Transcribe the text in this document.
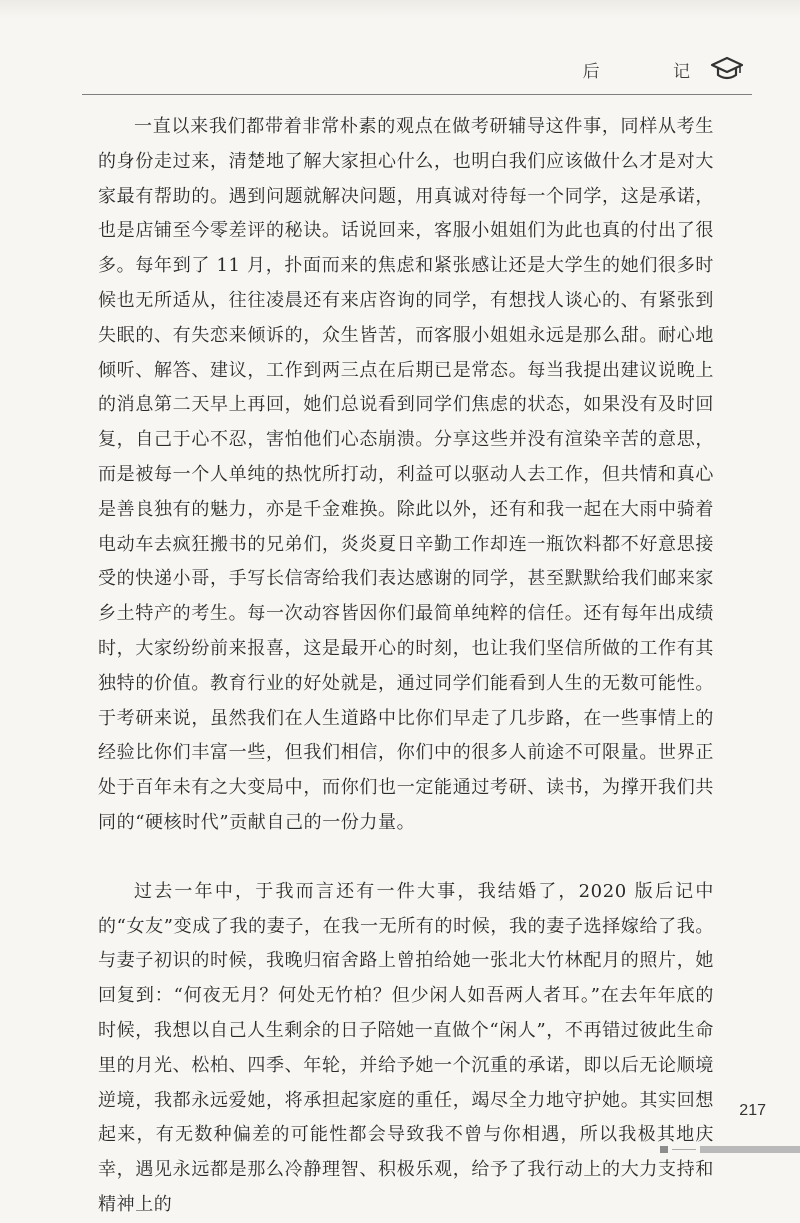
后 记

一直以来我们都带着非常朴素的观点在做考研辅导这件事，同样从考生的身份走过来，清楚地了解大家担心什么，也明白我们应该做什么才是对大家最有帮助的。遇到问题就解决问题，用真诚对待每一个同学，这是承诺，也是店铺至今零差评的秘诀。话说回来，客服小姐姐们为此也真的付出了很多。每年到了 11 月，扑面而来的焦虑和紧张感让还是大学生的她们很多时候也无所适从，往往凌晨还有来店咨询的同学，有想找人谈心的、有紧张到失眠的、有失恋来倾诉的，众生皆苦，而客服小姐姐永远是那么甜。耐心地倾听、解答、建议，工作到两三点在后期已是常态。每当我提出建议说晚上的消息第二天早上再回，她们总说看到同学们焦虑的状态，如果没有及时回复，自己于心不忍，害怕他们心态崩溃。分享这些并没有渲染辛苦的意思，而是被每一个人单纯的热忱所打动，利益可以驱动人去工作，但共情和真心是善良独有的魅力，亦是千金难换。除此以外，还有和我一起在大雨中骑着电动车去疯狂搬书的兄弟们，炎炎夏日辛勤工作却连一瓶饮料都不好意思接受的快递小哥，手写长信寄给我们表达感谢的同学，甚至默默给我们邮来家乡土特产的考生。每一次动容皆因你们最简单纯粹的信任。还有每年出成绩时，大家纷纷前来报喜，这是最开心的时刻，也让我们坚信所做的工作有其独特的价值。教育行业的好处就是，通过同学们能看到人生的无数可能性。于考研来说，虽然我们在人生道路中比你们早走了几步路，在一些事情上的经验比你们丰富一些，但我们相信，你们中的很多人前途不可限量。世界正处于百年未有之大变局中，而你们也一定能通过考研、读书，为撑开我们共同的“硬核时代”贡献自己的一份力量。

过去一年中，于我而言还有一件大事，我结婚了，2020 版后记中的“女友”变成了我的妻子，在我一无所有的时候，我的妻子选择嫁给了我。与妻子初识的时候，我晚归宿舍路上曾拍给她一张北大竹林配月的照片，她回复到：“何夜无月？何处无竹柏？但少闲人如吾两人者耳。”在去年年底的时候，我想以自己人生剩余的日子陪她一直做个“闲人”，不再错过彼此生命里的月光、松柏、四季、年轮，并给予她一个沉重的承诺，即以后无论顺境逆境，我都永远爱她，将承担起家庭的重任，竭尽全力地守护她。其实回想起来，有无数种偏差的可能性都会导致我不曾与你相遇，所以我极其地庆幸，遇见永远都是那么冷静理智、积极乐观，给予了我行动上的大力支持和精神上的

217
